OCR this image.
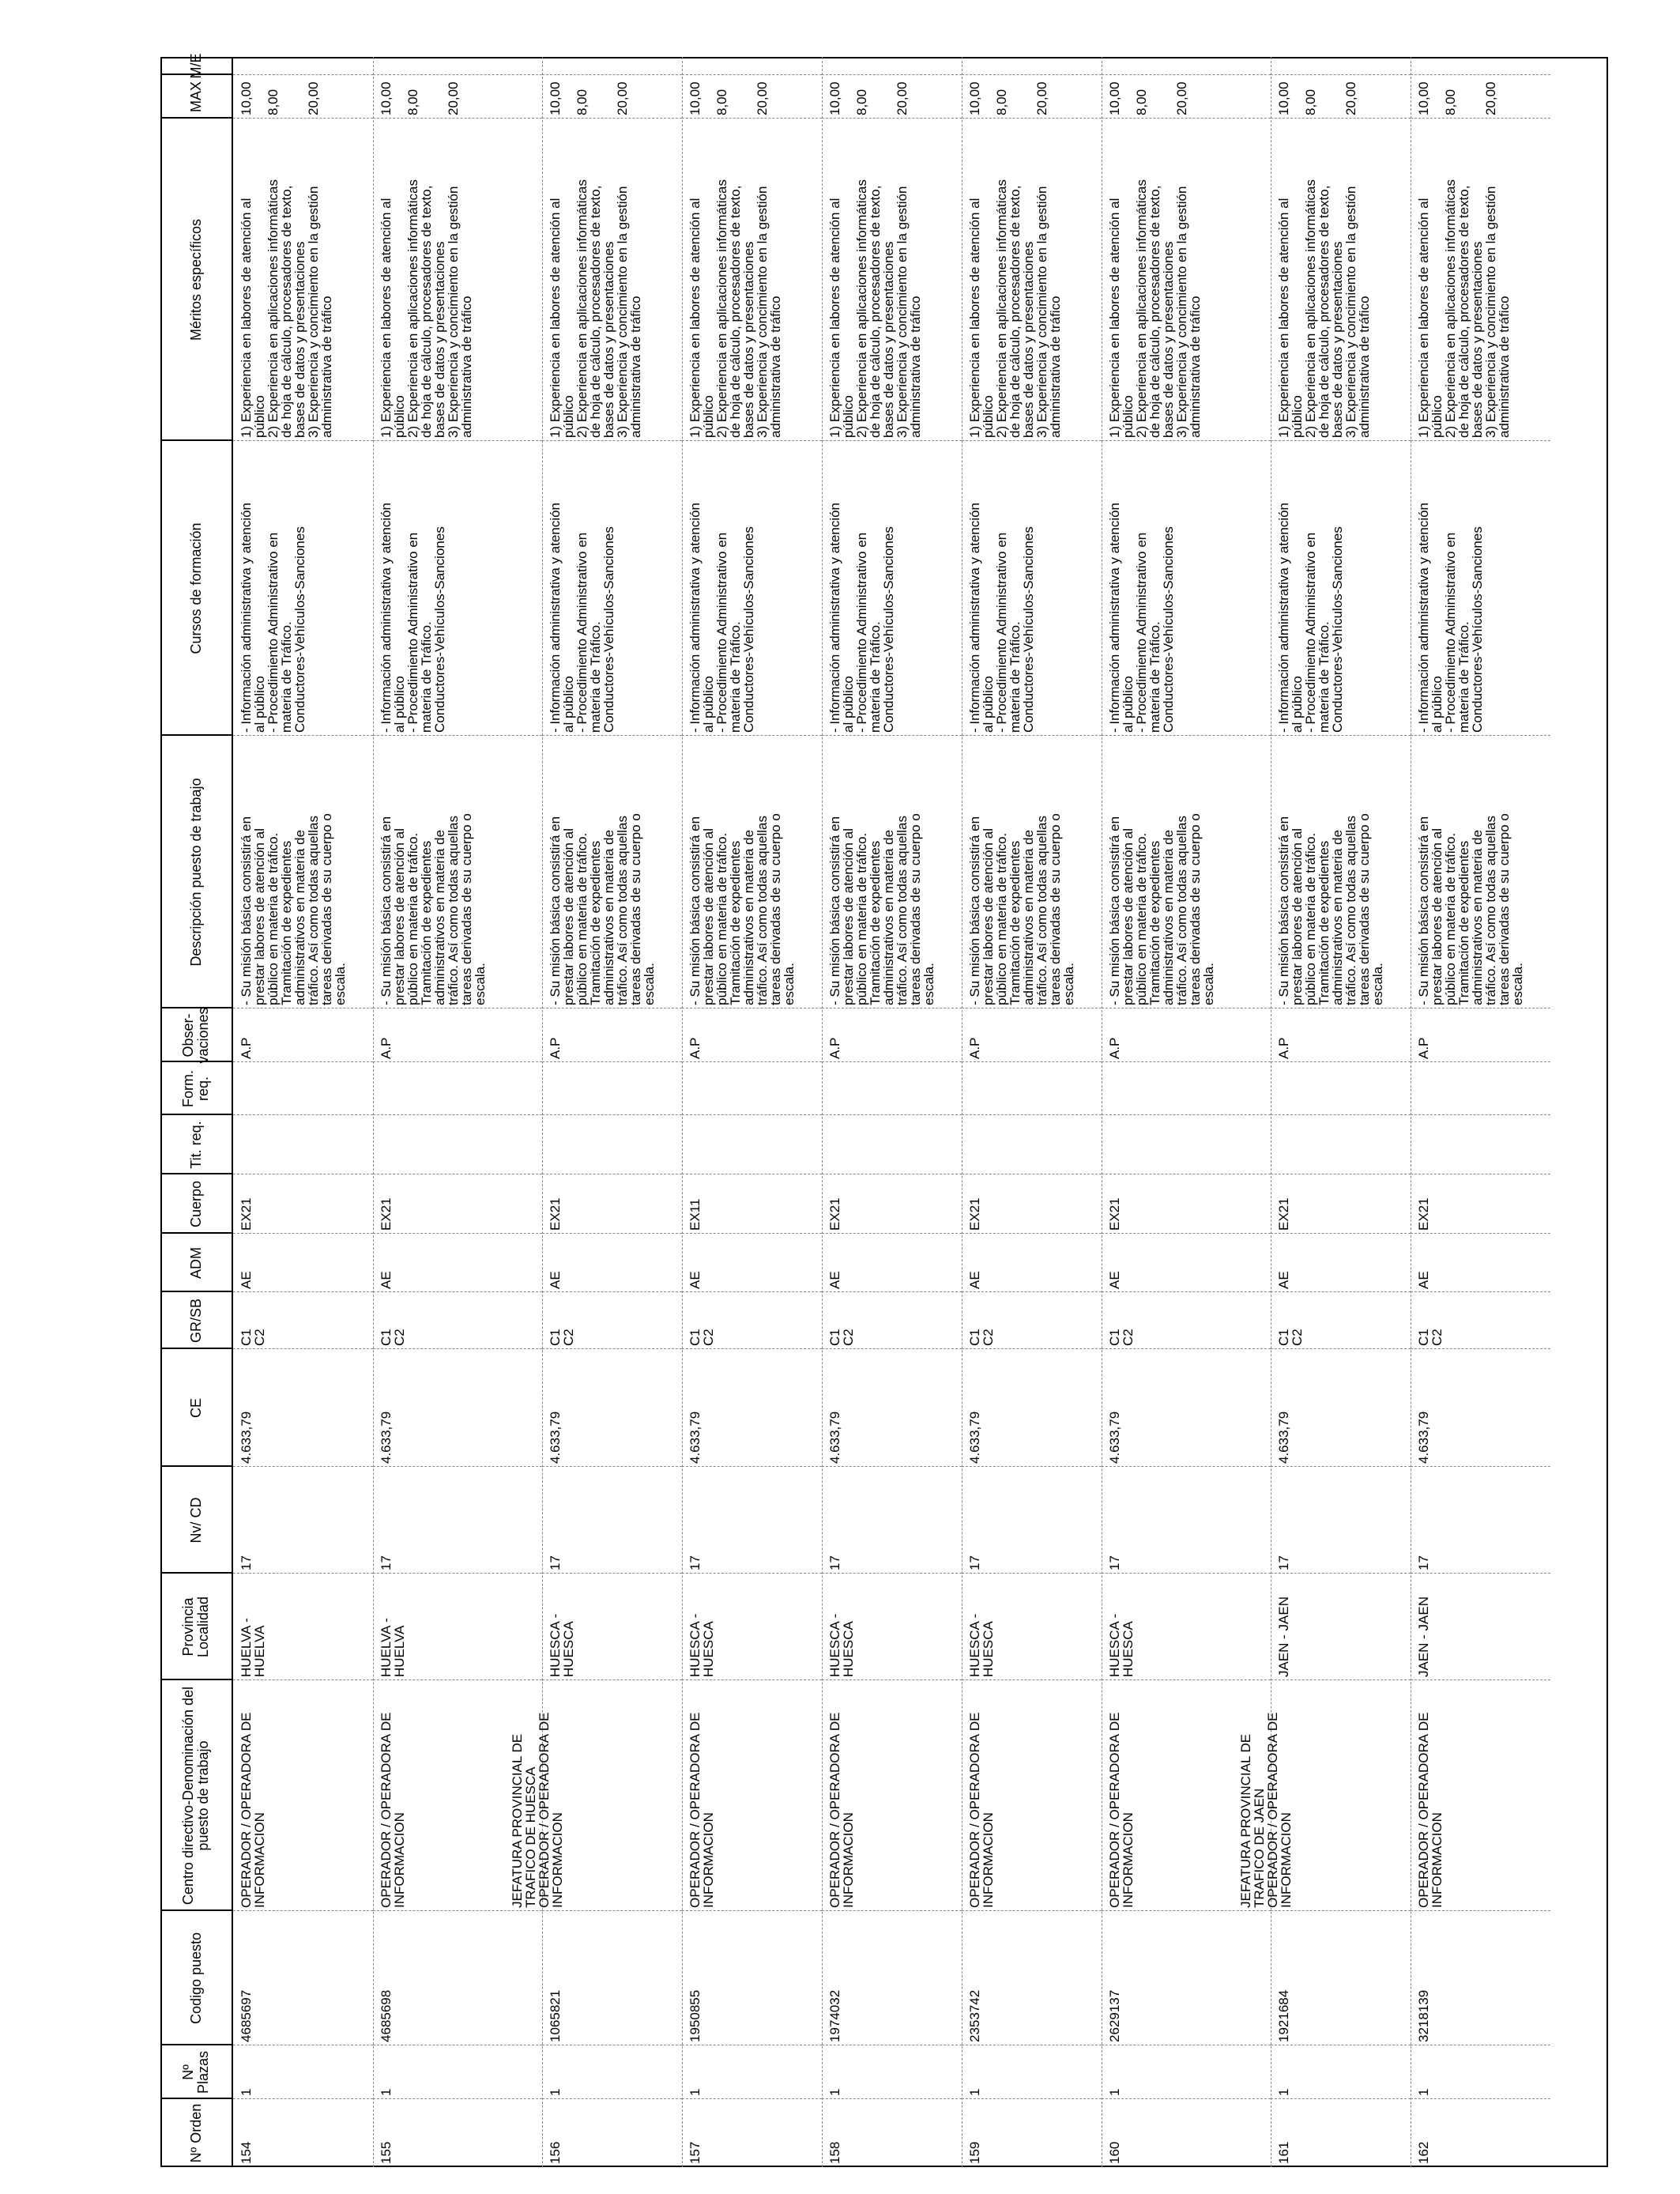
Nº Orden
Nº Plazas
Codigo puesto
Centro directivo-Denominación del puesto de trabajo
Provincia Localidad
Nv/ CD
CE
GR/SB
ADM
Cuerpo
Tit. req.
Form. req.
Obser-vaciones
Descripción puesto de trabajo
Cursos de formación
Méritos específicos
MAX
M/E
154
1
4685697
OPERADOR / OPERADORA DE
INFORMACION
HUELVA -
HUELVA
17
4.633,79
C1
C2
AE
EX21
A.P
- Su misión básica consistirá en
prestar labores de atención al
público en materia de tráfico.
Tramitación de expedientes
administrativos en materia de
tráfico. Así como todas aquellas
tareas derivadas de su cuerpo o
escala.
- Información administrativa y atención
al público
- Procedimiento Administrativo en
materia de Tráfico.
Conductores-Vehículos-Sanciones
1) Experiencia en labores de atención al
público
2) Experiencia en aplicaciones informáticas
de hoja de cálculo, procesadores de texto,
bases de datos y presentaciones
3) Experiencia y concimiento en la gestión
administrativa de tráfico
10,00

8,00

20,00
155
1
4685698
OPERADOR / OPERADORA DE
INFORMACION
HUELVA -
HUELVA
17
4.633,79
C1
C2
AE
EX21
A.P
- Su misión básica consistirá en
prestar labores de atención al
público en materia de tráfico.
Tramitación de expedientes
administrativos en materia de
tráfico. Así como todas aquellas
tareas derivadas de su cuerpo o
escala.
- Información administrativa y atención
al público
- Procedimiento Administrativo en
materia de Tráfico.
Conductores-Vehículos-Sanciones
1) Experiencia en labores de atención al
público
2) Experiencia en aplicaciones informáticas
de hoja de cálculo, procesadores de texto,
bases de datos y presentaciones
3) Experiencia y concimiento en la gestión
administrativa de tráfico
10,00

8,00

20,00
156
1
1065821
JEFATURA PROVINCIAL DE
TRAFICO DE HUESCA
OPERADOR / OPERADORA DE
INFORMACION
HUESCA -
HUESCA
17
4.633,79
C1
C2
AE
EX21
A.P
- Su misión básica consistirá en
prestar labores de atención al
público en materia de tráfico.
Tramitación de expedientes
administrativos en materia de
tráfico. Así como todas aquellas
tareas derivadas de su cuerpo o
escala.
- Información administrativa y atención
al público
- Procedimiento Administrativo en
materia de Tráfico.
Conductores-Vehículos-Sanciones
1) Experiencia en labores de atención al
público
2) Experiencia en aplicaciones informáticas
de hoja de cálculo, procesadores de texto,
bases de datos y presentaciones
3) Experiencia y concimiento en la gestión
administrativa de tráfico
10,00

8,00

20,00
157
1
1950855
OPERADOR / OPERADORA DE
INFORMACION
HUESCA -
HUESCA
17
4.633,79
C1
C2
AE
EX11
A.P
- Su misión básica consistirá en
prestar labores de atención al
público en materia de tráfico.
Tramitación de expedientes
administrativos en materia de
tráfico. Así como todas aquellas
tareas derivadas de su cuerpo o
escala.
- Información administrativa y atención
al público
- Procedimiento Administrativo en
materia de Tráfico.
Conductores-Vehículos-Sanciones
1) Experiencia en labores de atención al
público
2) Experiencia en aplicaciones informáticas
de hoja de cálculo, procesadores de texto,
bases de datos y presentaciones
3) Experiencia y concimiento en la gestión
administrativa de tráfico
10,00

8,00

20,00
158
1
1974032
OPERADOR / OPERADORA DE
INFORMACION
HUESCA -
HUESCA
17
4.633,79
C1
C2
AE
EX21
A.P
- Su misión básica consistirá en
prestar labores de atención al
público en materia de tráfico.
Tramitación de expedientes
administrativos en materia de
tráfico. Así como todas aquellas
tareas derivadas de su cuerpo o
escala.
- Información administrativa y atención
al público
- Procedimiento Administrativo en
materia de Tráfico.
Conductores-Vehículos-Sanciones
1) Experiencia en labores de atención al
público
2) Experiencia en aplicaciones informáticas
de hoja de cálculo, procesadores de texto,
bases de datos y presentaciones
3) Experiencia y concimiento en la gestión
administrativa de tráfico
10,00

8,00

20,00
159
1
2353742
OPERADOR / OPERADORA DE
INFORMACION
HUESCA -
HUESCA
17
4.633,79
C1
C2
AE
EX21
A.P
- Su misión básica consistirá en
prestar labores de atención al
público en materia de tráfico.
Tramitación de expedientes
administrativos en materia de
tráfico. Así como todas aquellas
tareas derivadas de su cuerpo o
escala.
- Información administrativa y atención
al público
- Procedimiento Administrativo en
materia de Tráfico.
Conductores-Vehículos-Sanciones
1) Experiencia en labores de atención al
público
2) Experiencia en aplicaciones informáticas
de hoja de cálculo, procesadores de texto,
bases de datos y presentaciones
3) Experiencia y concimiento en la gestión
administrativa de tráfico
10,00

8,00

20,00
160
1
2629137
OPERADOR / OPERADORA DE
INFORMACION
HUESCA -
HUESCA
17
4.633,79
C1
C2
AE
EX21
A.P
- Su misión básica consistirá en
prestar labores de atención al
público en materia de tráfico.
Tramitación de expedientes
administrativos en materia de
tráfico. Así como todas aquellas
tareas derivadas de su cuerpo o
escala.
- Información administrativa y atención
al público
- Procedimiento Administrativo en
materia de Tráfico.
Conductores-Vehículos-Sanciones
1) Experiencia en labores de atención al
público
2) Experiencia en aplicaciones informáticas
de hoja de cálculo, procesadores de texto,
bases de datos y presentaciones
3) Experiencia y concimiento en la gestión
administrativa de tráfico
10,00

8,00

20,00
161
1
1921684
JEFATURA PROVINCIAL DE
TRAFICO DE JAEN
OPERADOR / OPERADORA DE
INFORMACION
JAEN - JAEN
17
4.633,79
C1
C2
AE
EX21
A.P
- Su misión básica consistirá en
prestar labores de atención al
público en materia de tráfico.
Tramitación de expedientes
administrativos en materia de
tráfico. Así como todas aquellas
tareas derivadas de su cuerpo o
escala.
- Información administrativa y atención
al público
- Procedimiento Administrativo en
materia de Tráfico.
Conductores-Vehículos-Sanciones
1) Experiencia en labores de atención al
público
2) Experiencia en aplicaciones informáticas
de hoja de cálculo, procesadores de texto,
bases de datos y presentaciones
3) Experiencia y concimiento en la gestión
administrativa de tráfico
10,00

8,00

20,00
162
1
3218139
OPERADOR / OPERADORA DE
INFORMACION
JAEN - JAEN
17
4.633,79
C1
C2
AE
EX21
A.P
- Su misión básica consistirá en
prestar labores de atención al
público en materia de tráfico.
Tramitación de expedientes
administrativos en materia de
tráfico. Así como todas aquellas
tareas derivadas de su cuerpo o
escala.
- Información administrativa y atención
al público
- Procedimiento Administrativo en
materia de Tráfico.
Conductores-Vehículos-Sanciones
1) Experiencia en labores de atención al
público
2) Experiencia en aplicaciones informáticas
de hoja de cálculo, procesadores de texto,
bases de datos y presentaciones
3) Experiencia y concimiento en la gestión
administrativa de tráfico
10,00

8,00

20,00
